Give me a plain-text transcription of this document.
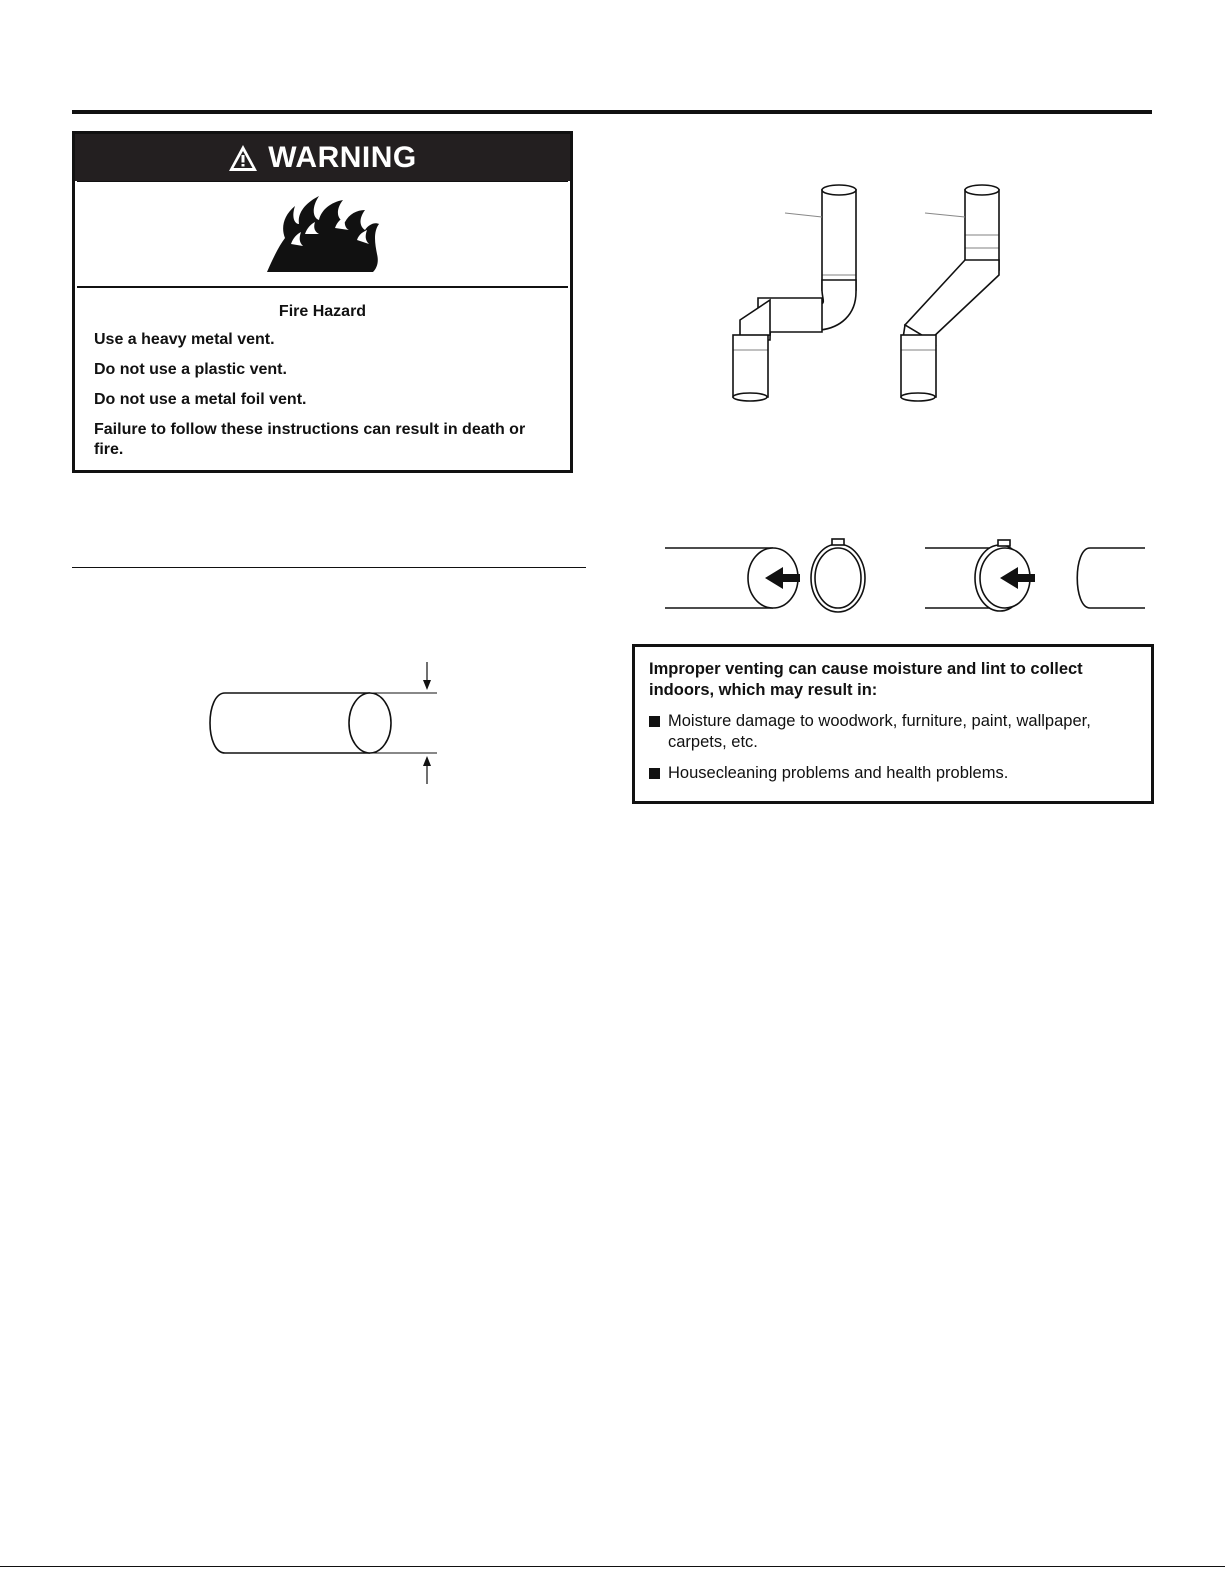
WARNING
Fire Hazard
Use a heavy metal vent.
Do not use a plastic vent.
Do not use a metal foil vent.
Failure to follow these instructions can result in death or fire.
Improper venting can cause moisture and lint to collect indoors, which may result in:
Moisture damage to woodwork, furniture, paint, wallpaper, carpets, etc.
Housecleaning problems and health problems.
